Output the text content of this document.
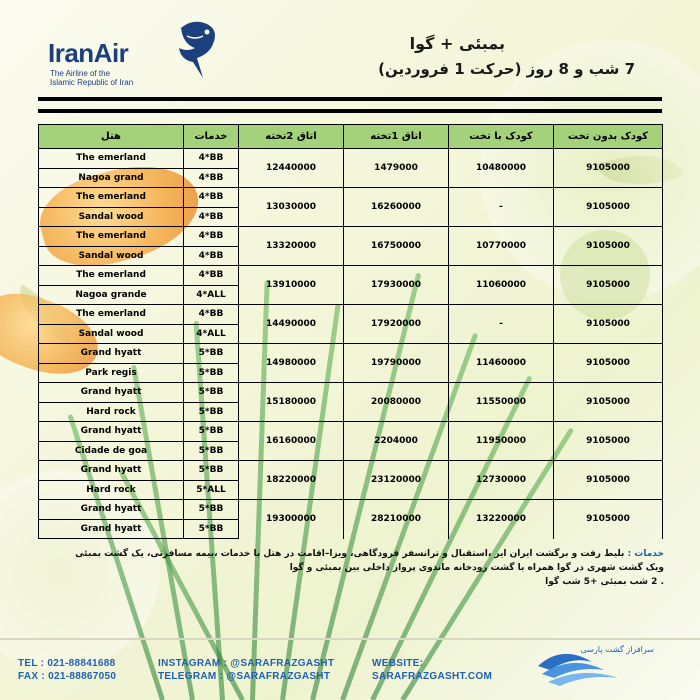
IranAir
The Airline of the
Islamic Republic of Iran
بمبئی + گوا
7 شب و 8 روز (حرکت 1 فروردین)
هتل	خدمات	اتاق 2تخته	اتاق 1تخته	کودک با تخت	کودک بدون تخت
The emerland	4*BB	12440000	1479000	10480000	9105000
Nagoa grand	4*BB				
The emerland	4*BB	13030000	16260000	-	9105000
Sandal wood	4*BB				
The emerland	4*BB	13320000	16750000	10770000	9105000
Sandal wood	4*BB				
The emerland	4*BB	13910000	17930000	11060000	9105000
Nagoa grande	4*ALL				
The emerland	4*BB	14490000	17920000	-	9105000
Sandal wood	4*ALL				
Grand hyatt	5*BB	14980000	19790000	11460000	9105000
Park regis	5*BB				
Grand hyatt	5*BB	15180000	20080000	11550000	9105000
Hard rock	5*BB				
Grand hyatt	5*BB	16160000	2204000	11950000	9105000
Cidade de goa	5*BB				
Grand hyatt	5*BB	18220000	23120000	12730000	9105000
Hard rock	5*ALL				
Grand hyatt	5*BB	19300000	28210000	13220000	9105000
Grand hyatt	5*BB				
خدمات : بلیط رفت و برگشت ایران ایر ،استقبال و ترانسفر فرودگاهی، ویزا–اقامت در هتل با خدمات ،بیمه مسافرتی، یک گشت بمبئی
ویک گشت شهری در گوا همراه با گشت رودخانه ماندوی پرواز داخلی بین بمبئی و گوا
. 2 شب بمبئی +5 شب گوا
TEL : 021-88841688
FAX : 021-88867050
INSTAGRAM : @SARAFRAZGASHT
TELEGRAM : @SARAFRAZGASHT
WEBSITE:
SARAFRAZGASHT.COM
سرافراز گشت پارسی
